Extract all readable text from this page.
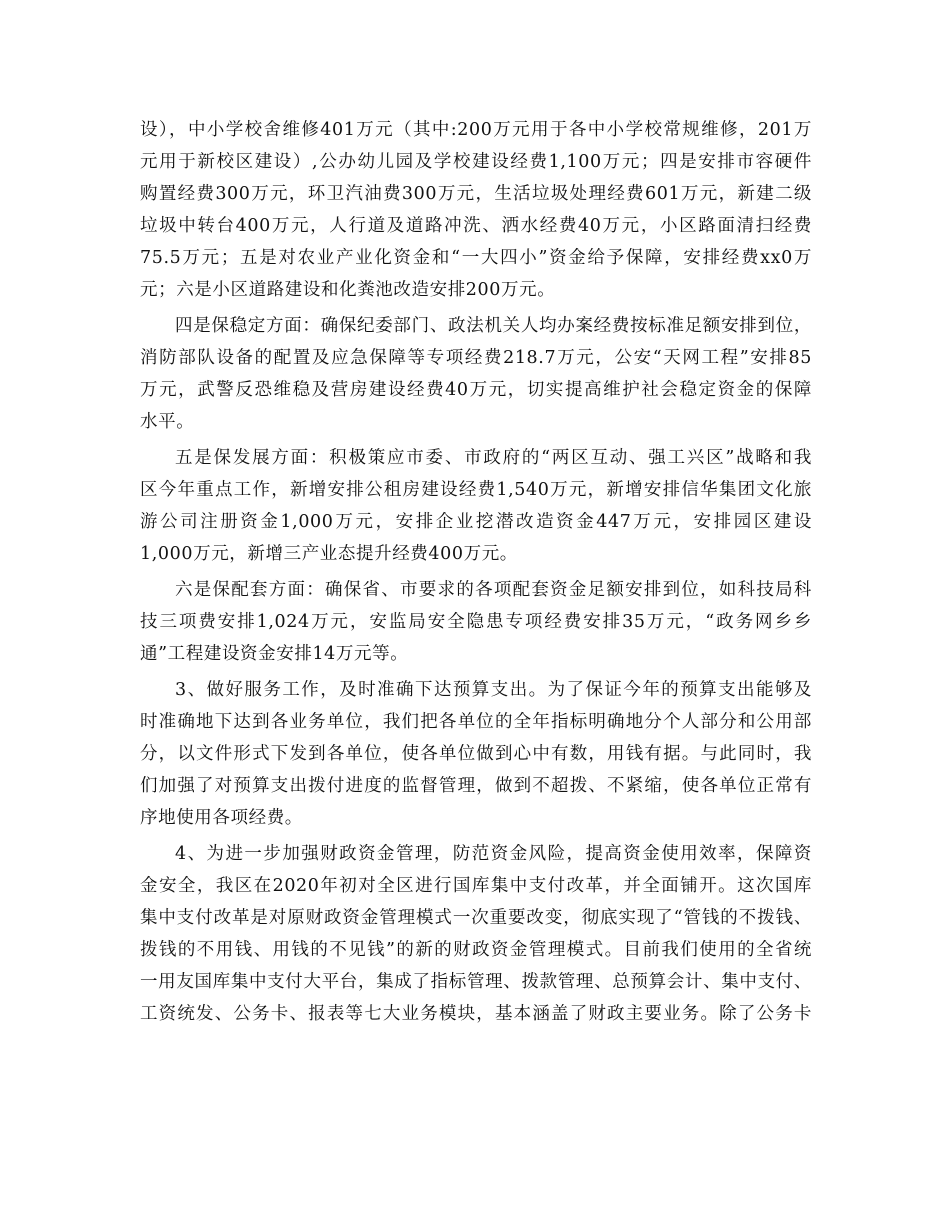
设），中小学校舍维修401万元（其中:200万元用于各中小学校常规维修，201万
元用于新校区建设）,公办幼儿园及学校建设经费1,100万元；四是安排市容硬件
购置经费300万元，环卫汽油费300万元，生活垃圾处理经费601万元，新建二级
垃圾中转台400万元，人行道及道路冲洗、洒水经费40万元，小区路面清扫经费
75.5万元；五是对农业产业化资金和“一大四小”资金给予保障，安排经费xx0万
元；六是小区道路建设和化粪池改造安排200万元。
四是保稳定方面：确保纪委部门、政法机关人均办案经费按标准足额安排到位，
消防部队设备的配置及应急保障等专项经费218.7万元，公安“天网工程”安排85
万元，武警反恐维稳及营房建设经费40万元，切实提高维护社会稳定资金的保障
水平。
五是保发展方面：积极策应市委、市政府的“两区互动、强工兴区”战略和我
区今年重点工作，新增安排公租房建设经费1,540万元，新增安排信华集团文化旅
游公司注册资金1,000万元，安排企业挖潜改造资金447万元，安排园区建设
1,000万元，新增三产业态提升经费400万元。
六是保配套方面：确保省、市要求的各项配套资金足额安排到位，如科技局科
技三项费安排1,024万元，安监局安全隐患专项经费安排35万元，“政务网乡乡
通”工程建设资金安排14万元等。
3、做好服务工作，及时准确下达预算支出。为了保证今年的预算支出能够及
时准确地下达到各业务单位，我们把各单位的全年指标明确地分个人部分和公用部
分，以文件形式下发到各单位，使各单位做到心中有数，用钱有据。与此同时，我
们加强了对预算支出拨付进度的监督管理，做到不超拨、不紧缩，使各单位正常有
序地使用各项经费。
4、为进一步加强财政资金管理，防范资金风险，提高资金使用效率，保障资
金安全，我区在2020年初对全区进行国库集中支付改革，并全面铺开。这次国库
集中支付改革是对原财政资金管理模式一次重要改变，彻底实现了“管钱的不拨钱、
拨钱的不用钱、用钱的不见钱”的新的财政资金管理模式。目前我们使用的全省统
一用友国库集中支付大平台，集成了指标管理、拨款管理、总预算会计、集中支付、
工资统发、公务卡、报表等七大业务模块，基本涵盖了财政主要业务。除了公务卡
